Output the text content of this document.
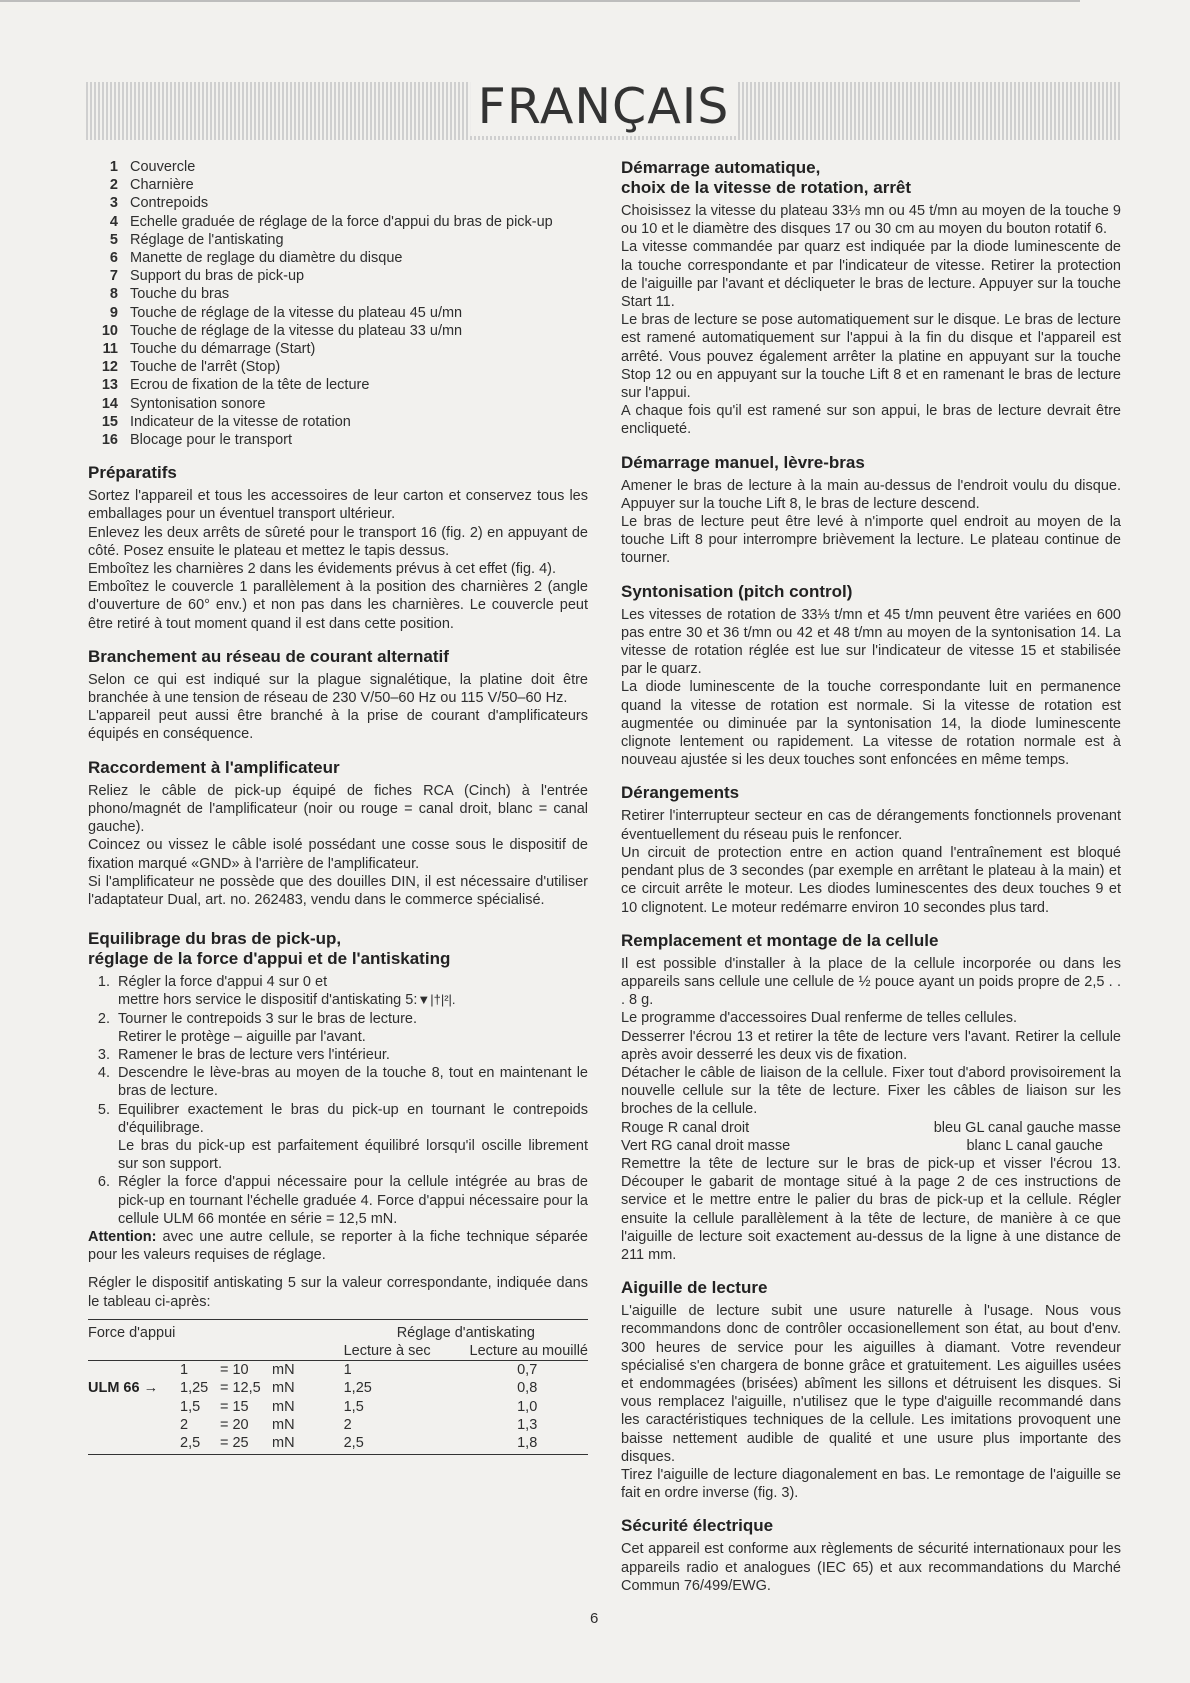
FRANÇAIS
1 Couvercle
2 Charnière
3 Contrepoids
4 Echelle graduée de réglage de la force d'appui du bras de pick-up
5 Réglage de l'antiskating
6 Manette de reglage du diamètre du disque
7 Support du bras de pick-up
8 Touche du bras
9 Touche de réglage de la vitesse du plateau 45 u/mn
10 Touche de réglage de la vitesse du plateau 33 u/mn
11 Touche du démarrage (Start)
12 Touche de l'arrêt (Stop)
13 Ecrou de fixation de la tête de lecture
14 Syntonisation sonore
15 Indicateur de la vitesse de rotation
16 Blocage pour le transport
Préparatifs

Sortez l'appareil et tous les accessoires de leur carton et conservez tous les emballages pour un éventuel transport ultérieur.

Enlevez les deux arrêts de sûreté pour le transport 16 (fig. 2) en appuyant de côté. Posez ensuite le plateau et mettez le tapis dessus.

Emboîtez les charnières 2 dans les évidements prévus à cet effet (fig. 4).

Emboîtez le couvercle 1 parallèlement à la position des charnières 2 (angle d'ouverture de 60° env.) et non pas dans les charnières. Le couvercle peut être retiré à tout moment quand il est dans cette position.

Branchement au réseau de courant alternatif

Selon ce qui est indiqué sur la plague signalétique, la platine doit être branchée à une tension de réseau de 230 V/50–60 Hz ou 115 V/50–60 Hz.

L'appareil peut aussi être branché à la prise de courant d'amplificateurs équipés en conséquence.

Raccordement à l'amplificateur

Reliez le câble de pick-up équipé de fiches RCA (Cinch) à l'entrée phono/magnét de l'amplificateur (noir ou rouge = canal droit, blanc = canal gauche).

Coincez ou vissez le câble isolé possédant une cosse sous le dispositif de fixation marqué «GND» à l'arrière de l'amplificateur.

Si l'amplificateur ne possède que des douilles DIN, il est nécessaire d'utiliser l'adaptateur Dual, art. no. 262483, vendu dans le commerce spécialisé.

Equilibrage du bras de pick-up,
réglage de la force d'appui et de l'antiskating
1. Régler la force d'appui 4 sur 0 et
mettre hors service le dispositif d'antiskating 5: ▼|†|²|.
2. Tourner le contrepoids 3 sur le bras de lecture.
Retirer le protège – aiguille par l'avant.
3. Ramener le bras de lecture vers l'intérieur.
4. Descendre le lève-bras au moyen de la touche 8, tout en maintenant le bras de lecture.
5. Equilibrer exactement le bras du pick-up en tournant le contrepoids d'équilibrage.
Le bras du pick-up est parfaitement équilibré lorsqu'il oscille librement sur son support.
6. Régler la force d'appui nécessaire pour la cellule intégrée au bras de pick-up en tournant l'échelle graduée 4. Force d'appui nécessaire pour la cellule ULM 66 montée en série = 12,5 mN.

Attention: avec une autre cellule, se reporter à la fiche technique séparée pour les valeurs requises de réglage.

Régler le dispositif antiskating 5 sur la valeur correspondante, indiquée dans le tableau ci-après:

Force d'appui	Réglage d'antiskating	
	Lecture à sec	Lecture au mouillé
1 = 10 mN	1	0,7
ULM 66 → 1,25 = 12,5 mN	1,25	0,8
1,5 = 15 mN	1,5	1,0
2 = 20 mN	2	1,3
2,5 = 25 mN	2,5	1,8
Démarrage automatique,
choix de la vitesse de rotation, arrêt

Choisissez la vitesse du plateau 33⅓ mn ou 45 t/mn au moyen de la touche 9 ou 10 et le diamètre des disques 17 ou 30 cm au moyen du bouton rotatif 6.

La vitesse commandée par quarz est indiquée par la diode luminescente de la touche correspondante et par l'indicateur de vitesse. Retirer la protection de l'aiguille par l'avant et décliqueter le bras de lecture. Appuyer sur la touche Start 11.

Le bras de lecture se pose automatiquement sur le disque. Le bras de lecture est ramené automatiquement sur l'appui à la fin du disque et l'appareil est arrêté. Vous pouvez également arrêter la platine en appuyant sur la touche Stop 12 ou en appuyant sur la touche Lift 8 et en ramenant le bras de lecture sur l'appui.

A chaque fois qu'il est ramené sur son appui, le bras de lecture devrait être encliqueté.

Démarrage manuel, lèvre-bras

Amener le bras de lecture à la main au-dessus de l'endroit voulu du disque. Appuyer sur la touche Lift 8, le bras de lecture descend.

Le bras de lecture peut être levé à n'importe quel endroit au moyen de la touche Lift 8 pour interrompre brièvement la lecture. Le plateau continue de tourner.

Syntonisation (pitch control)

Les vitesses de rotation de 33⅓ t/mn et 45 t/mn peuvent être variées en 600 pas entre 30 et 36 t/mn ou 42 et 48 t/mn au moyen de la syntonisation 14. La vitesse de rotation réglée est lue sur l'indicateur de vitesse 15 et stabilisée par le quarz.

La diode luminescente de la touche correspondante luit en permanence quand la vitesse de rotation est normale. Si la vitesse de rotation est augmentée ou diminuée par la syntonisation 14, la diode luminescente clignote lentement ou rapidement. La vitesse de rotation normale est à nouveau ajustée si les deux touches sont enfoncées en même temps.

Dérangements

Retirer l'interrupteur secteur en cas de dérangements fonctionnels provenant éventuellement du réseau puis le renfoncer.

Un circuit de protection entre en action quand l'entraînement est bloqué pendant plus de 3 secondes (par exemple en arrêtant le plateau à la main) et ce circuit arrête le moteur. Les diodes luminescentes des deux touches 9 et 10 clignotent. Le moteur redémarre environ 10 secondes plus tard.

Remplacement et montage de la cellule

Il est possible d'installer à la place de la cellule incorporée ou dans les appareils sans cellule une cellule de ½ pouce ayant un poids propre de 2,5 . . . 8 g.

Le programme d'accessoires Dual renferme de telles cellules.

Desserrer l'écrou 13 et retirer la tête de lecture vers l'avant. Retirer la cellule après avoir desserré les deux vis de fixation.

Détacher le câble de liaison de la cellule. Fixer tout d'abord provisoirement la nouvelle cellule sur la tête de lecture. Fixer les câbles de liaison sur les broches de la cellule.

Rouge R canal droit	bleu GL canal gauche masse
Vert RG canal droit masse	blanc L canal gauche

Remettre la tête de lecture sur le bras de pick-up et visser l'écrou 13. Découper le gabarit de montage situé à la page 2 de ces instructions de service et le mettre entre le palier du bras de pick-up et la cellule. Régler ensuite la cellule parallèlement à la tête de lecture, de manière à ce que l'aiguille de lecture soit exactement au-dessus de la ligne à une distance de 211 mm.

Aiguille de lecture

L'aiguille de lecture subit une usure naturelle à l'usage. Nous vous recommandons donc de contrôler occasionellement son état, au bout d'env. 300 heures de service pour les aiguilles à diamant. Votre revendeur spécialisé s'en chargera de bonne grâce et gratuitement. Les aiguilles usées et endommagées (brisées) abîment les sillons et détruisent les disques. Si vous remplacez l'aiguille, n'utilisez que le type d'aiguille recommandé dans les caractéristiques techniques de la cellule. Les imitations provoquent une baisse nettement audible de qualité et une usure plus importante des disques.

Tirez l'aiguille de lecture diagonalement en bas. Le remontage de l'aiguille se fait en ordre inverse (fig. 3).

Sécurité électrique

Cet appareil est conforme aux règlements de sécurité internationaux pour les appareils radio et analogues (IEC 65) et aux recommandations du Marché Commun 76/499/EWG.

6
